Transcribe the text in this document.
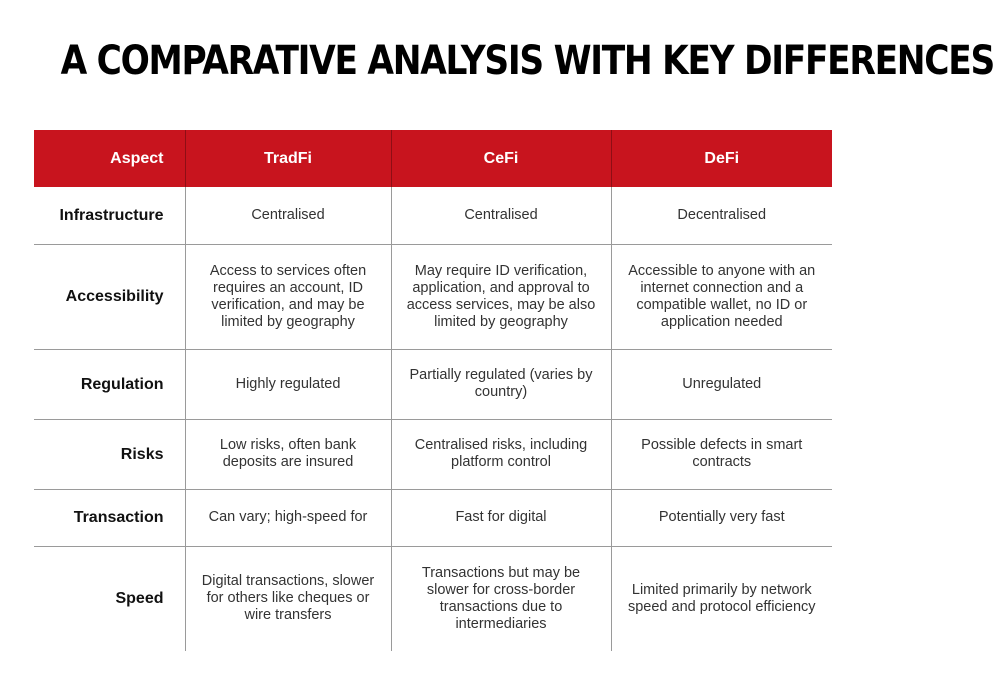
A COMPARATIVE ANALYSIS WITH KEY DIFFERENCES
Aspect	TradFi	CeFi	DeFi
Infrastructure	Centralised	Centralised	Decentralised
Accessibility	Access to services often requires an account, ID verification, and may be limited by geography	May require ID verification, application, and approval to access services, may be also limited by geography	Accessible to anyone with an internet connection and a compatible wallet, no ID or application needed
Regulation	Highly regulated	Partially regulated (varies by country)	Unregulated
Risks	Low risks, often bank deposits are insured	Centralised risks, including platform control	Possible defects in smart contracts
Transaction	Can vary; high-speed for	Fast for digital	Potentially very fast
Speed	Digital transactions, slower for others like cheques or wire transfers	Transactions but may be slower for cross-border transactions due to intermediaries	Limited primarily by network speed and protocol efficiency
